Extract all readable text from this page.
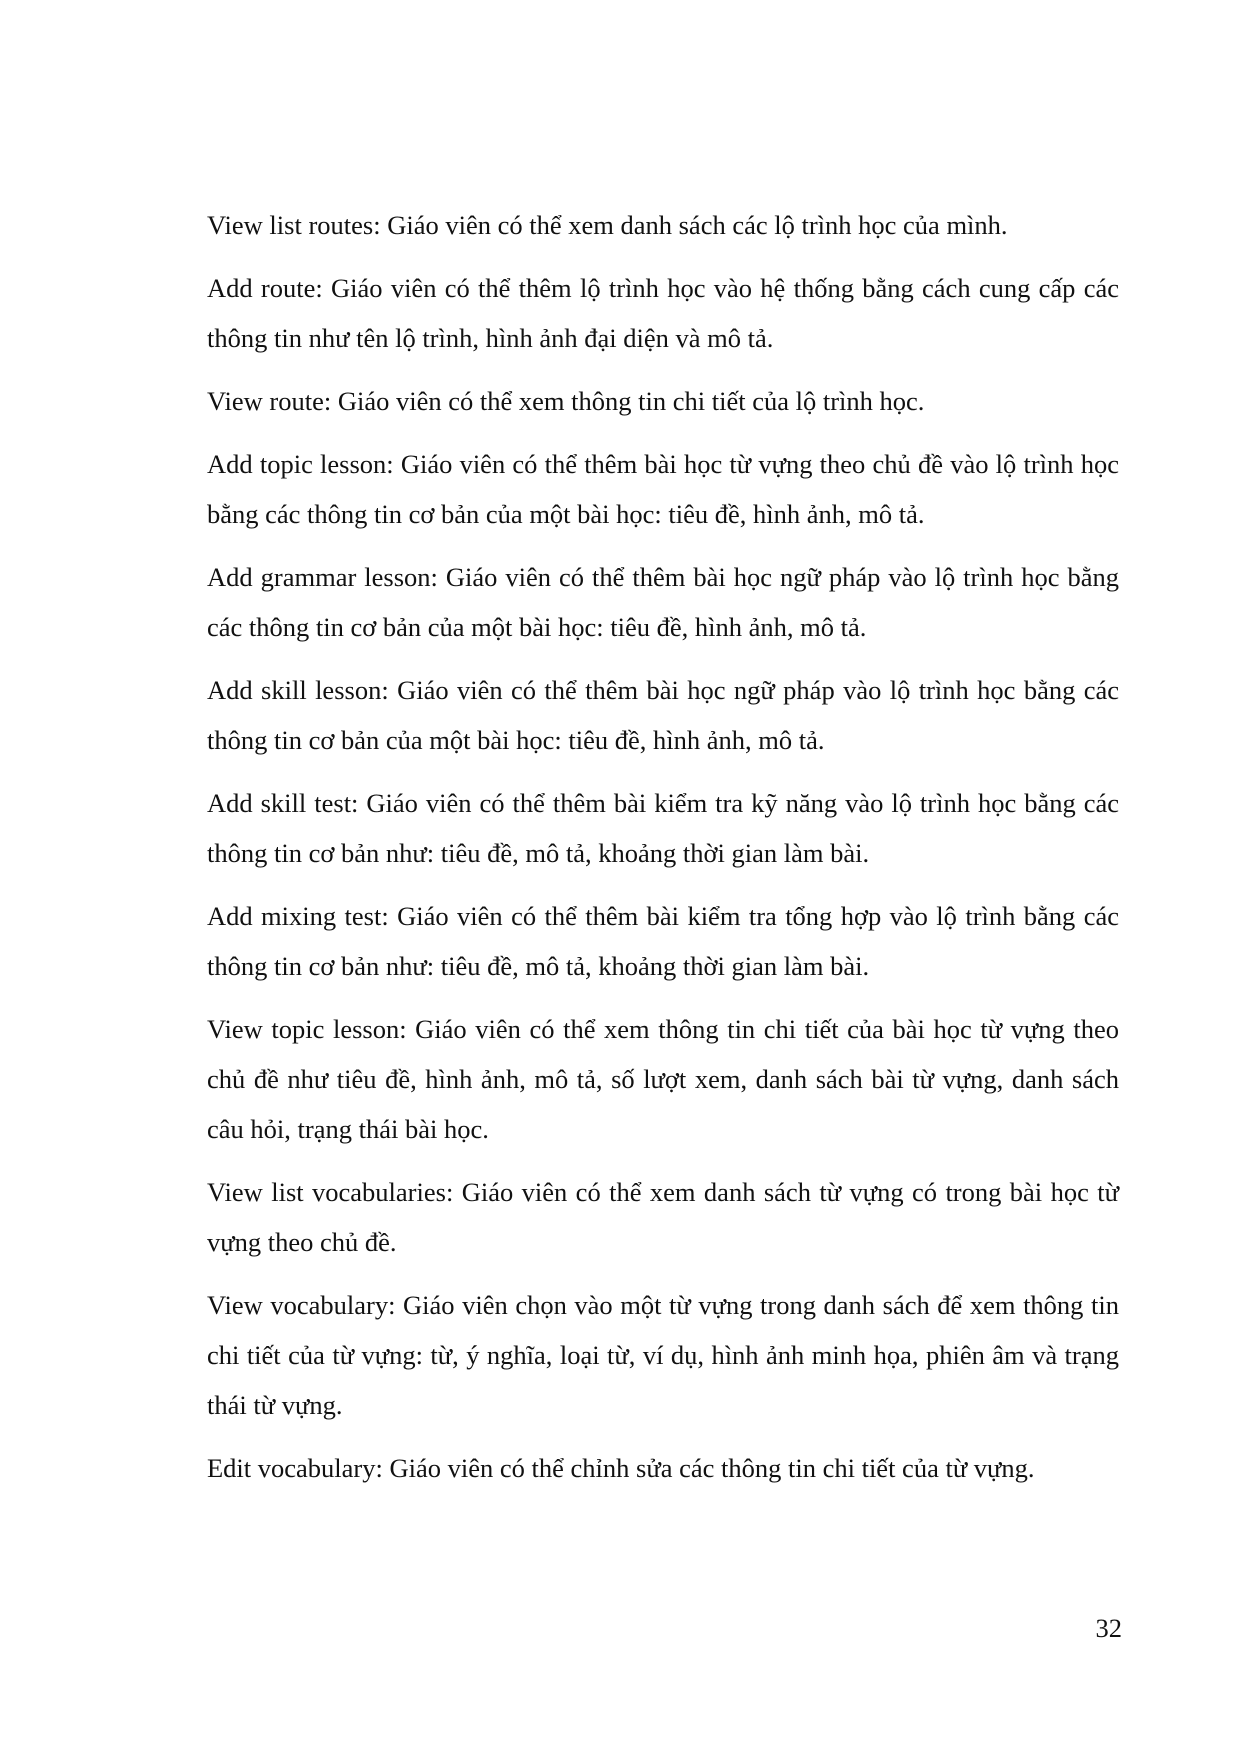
View list routes: Giáo viên có thể xem danh sách các lộ trình học của mình.

Add route: Giáo viên có thể thêm lộ trình học vào hệ thống bằng cách cung cấp các thông tin như tên lộ trình, hình ảnh đại diện và mô tả.

View route: Giáo viên có thể xem thông tin chi tiết của lộ trình học.

Add topic lesson: Giáo viên có thể thêm bài học từ vựng theo chủ đề vào lộ trình học bằng các thông tin cơ bản của một bài học: tiêu đề, hình ảnh, mô tả.

Add grammar lesson: Giáo viên có thể thêm bài học ngữ pháp vào lộ trình học bằng các thông tin cơ bản của một bài học: tiêu đề, hình ảnh, mô tả.

Add skill lesson: Giáo viên có thể thêm bài học ngữ pháp vào lộ trình học bằng các thông tin cơ bản của một bài học: tiêu đề, hình ảnh, mô tả.

Add skill test: Giáo viên có thể thêm bài kiểm tra kỹ năng vào lộ trình học bằng các thông tin cơ bản như: tiêu đề, mô tả, khoảng thời gian làm bài.

Add mixing test: Giáo viên có thể thêm bài kiểm tra tổng hợp vào lộ trình bằng các thông tin cơ bản như: tiêu đề, mô tả, khoảng thời gian làm bài.

View topic lesson: Giáo viên có thể xem thông tin chi tiết của bài học từ vựng theo chủ đề như tiêu đề, hình ảnh, mô tả, số lượt xem, danh sách bài từ vựng, danh sách câu hỏi, trạng thái bài học.

View list vocabularies: Giáo viên có thể xem danh sách từ vựng có trong bài học từ vựng theo chủ đề.

View vocabulary: Giáo viên chọn vào một từ vựng trong danh sách để xem thông tin chi tiết của từ vựng: từ, ý nghĩa, loại từ, ví dụ, hình ảnh minh họa, phiên âm và trạng thái từ vựng.

Edit vocabulary: Giáo viên có thể chỉnh sửa các thông tin chi tiết của từ vựng.

32
